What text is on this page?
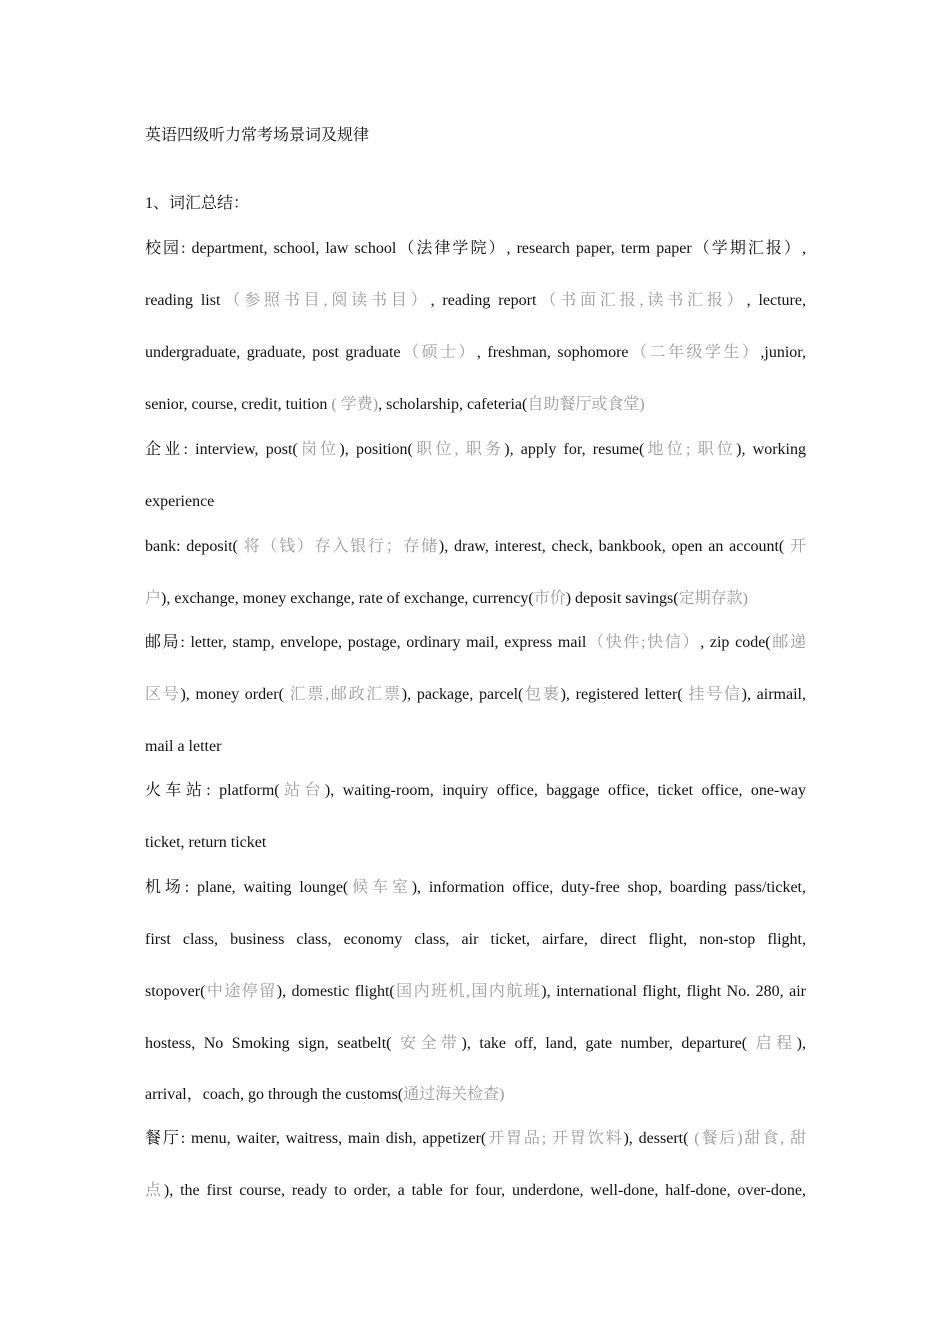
英语四级听力常考场景词及规律
1、词汇总结：
校园: department, school, law school（法律学院）, research paper, term paper（学期汇报）,
reading list（参照书目,阅读书目）, reading report（书面汇报,读书汇报）, lecture,
undergraduate, graduate, post graduate（硕士）, freshman, sophomore（二年级学生）,junior,
senior, course, credit, tuition ( 学费), scholarship, cafeteria(自助餐厅或食堂)
企业: interview, post(岗位), position(职位, 职务), apply for, resume(地位; 职位), working
experience
bank: deposit( 将（钱）存入银行；存储), draw, interest, check, bankbook, open an account( 开
户), exchange, money exchange, rate of exchange, currency(市价) deposit savings(定期存款)
邮局: letter, stamp, envelope, postage, ordinary mail, express mail（快件;快信）, zip code(邮递
区号), money order( 汇票,邮政汇票), package, parcel(包裹), registered letter( 挂号信), airmail,
mail a letter
火车站: platform(站台), waiting-room, inquiry office, baggage office, ticket office, one-way
ticket, return ticket
机场: plane, waiting lounge(候车室), information office, duty-free shop, boarding pass/ticket,
first class, business class, economy class, air ticket, airfare, direct flight, non-stop flight,
stopover(中途停留), domestic flight(国内班机,国内航班), international flight, flight No. 280, air
hostess, No Smoking sign, seatbelt( 安全带), take off, land, gate number, departure( 启程),
arrival，coach, go through the customs(通过海关检查)
餐厅: menu, waiter, waitress, main dish, appetizer(开胃品; 开胃饮料), dessert( (餐后)甜食, 甜
点), the first course, ready to order, a table for four, underdone, well-done, half-done, over-done,
